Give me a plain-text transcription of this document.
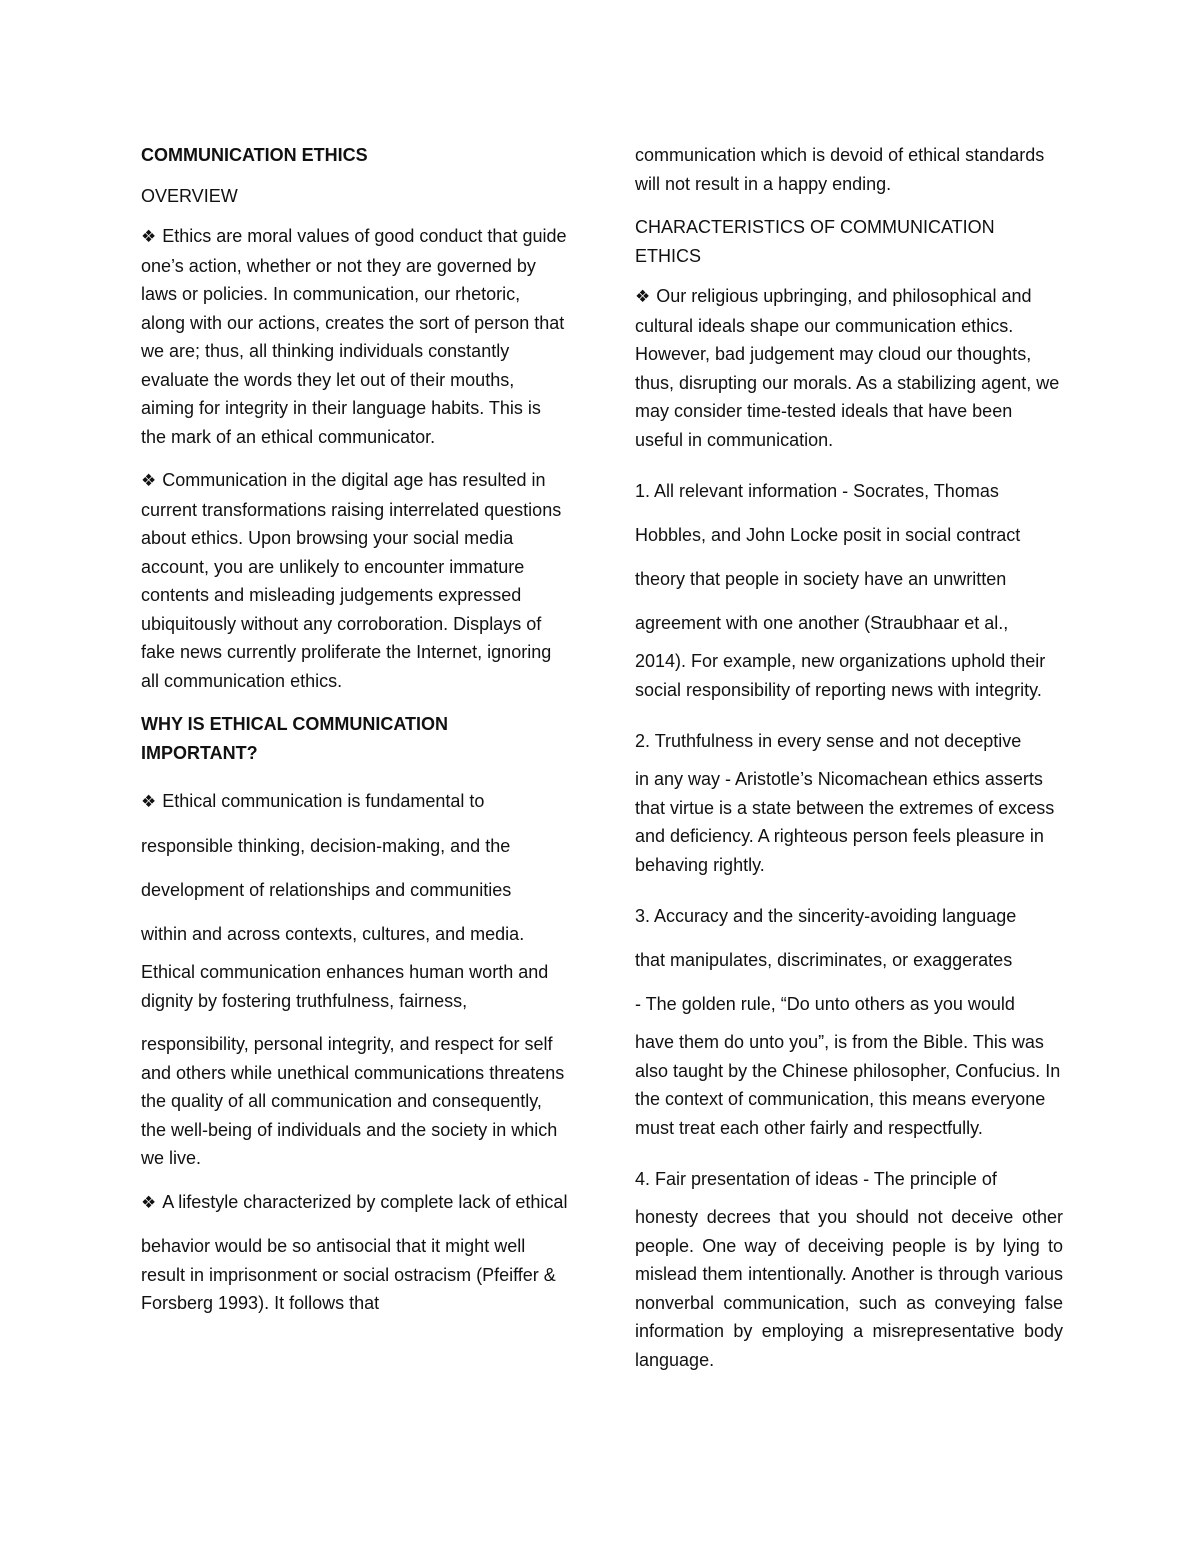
COMMUNICATION ETHICS

OVERVIEW

❖ Ethics are moral values of good conduct that guide one’s action, whether or not they are governed by laws or policies. In communication, our rhetoric, along with our actions, creates the sort of person that we are; thus, all thinking individuals constantly evaluate the words they let out of their mouths, aiming for integrity in their language habits. This is the mark of an ethical communicator.

❖ Communication in the digital age has resulted in current transformations raising interrelated questions about ethics. Upon browsing your social media account, you are unlikely to encounter immature contents and misleading judgements expressed ubiquitously without any corroboration. Displays of fake news currently proliferate the Internet, ignoring all communication ethics.

WHY IS ETHICAL COMMUNICATION IMPORTANT?

❖ Ethical communication is fundamental to

responsible thinking, decision-making, and the

development of relationships and communities

within and across contexts, cultures, and media.

Ethical communication enhances human worth and dignity by fostering truthfulness, fairness,

responsibility, personal integrity, and respect for self and others while unethical communications threatens the quality of all communication and consequently, the well-being of individuals and the society in which we live.

❖ A lifestyle characterized by complete lack of ethical

behavior would be so antisocial that it might well result in imprisonment or social ostracism (Pfeiffer & Forsberg 1993). It follows that

communication which is devoid of ethical standards will not result in a happy ending.

CHARACTERISTICS OF COMMUNICATION ETHICS

❖ Our religious upbringing, and philosophical and cultural ideals shape our communication ethics. However, bad judgement may cloud our thoughts, thus, disrupting our morals. As a stabilizing agent, we may consider time-tested ideals that have been useful in communication.

1. All relevant information - Socrates, Thomas

Hobbles, and John Locke posit in social contract

theory that people in society have an unwritten

agreement with one another (Straubhaar et al.,

2014). For example, new organizations uphold their social responsibility of reporting news with integrity.

2. Truthfulness in every sense and not deceptive

in any way - Aristotle’s Nicomachean ethics asserts that virtue is a state between the extremes of excess and deficiency. A righteous person feels pleasure in behaving rightly.

3. Accuracy and the sincerity-avoiding language

that manipulates, discriminates, or exaggerates

- The golden rule, “Do unto others as you would

have them do unto you”, is from the Bible. This was also taught by the Chinese philosopher, Confucius. In the context of communication, this means everyone must treat each other fairly and respectfully.

4. Fair presentation of ideas - The principle of

honesty decrees that you should not deceive other people. One way of deceiving people is by lying to mislead them intentionally. Another is through various nonverbal communication, such as conveying false information by employing a misrepresentative body language.
